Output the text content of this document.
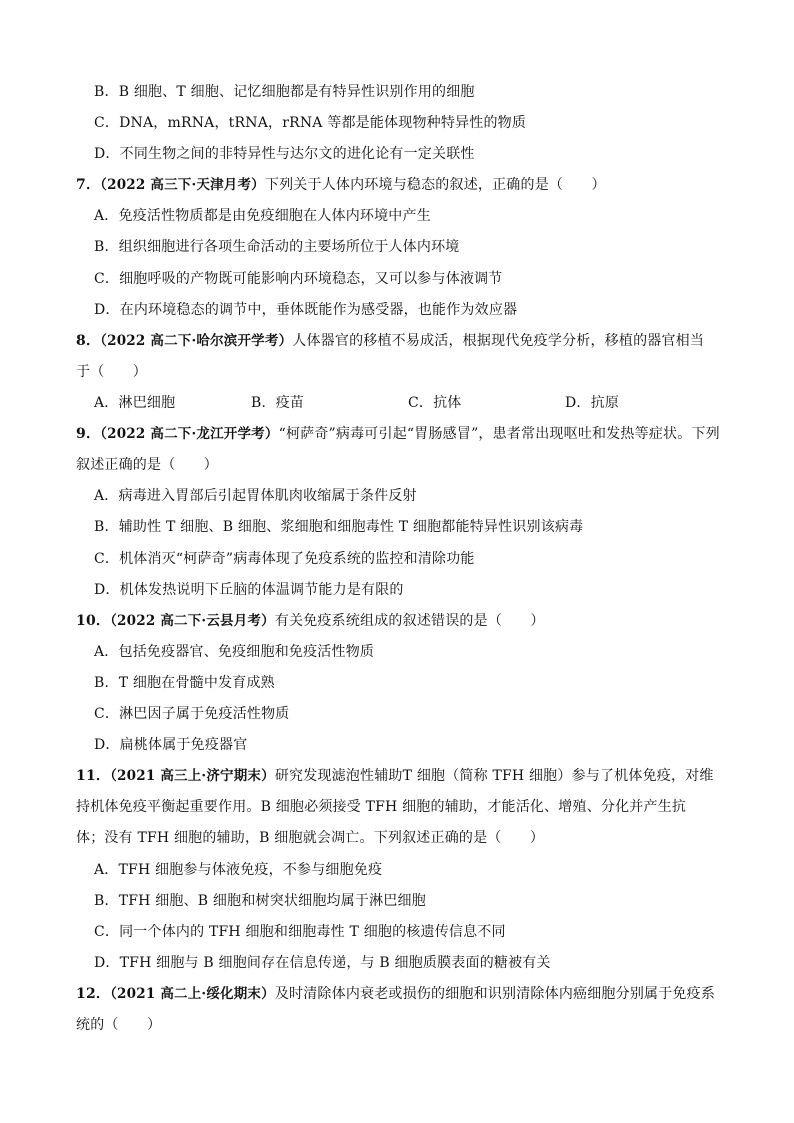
B．B 细胞、T 细胞、记忆细胞都是有特异性识别作用的细胞
C．DNA，mRNA，tRNA，rRNA 等都是能体现物种特异性的物质
D．不同生物之间的非特异性与达尔文的进化论有一定关联性
7．（2022 高三下·天津月考）下列关于人体内环境与稳态的叙述，正确的是（　　）
A．免疫活性物质都是由免疫细胞在人体内环境中产生
B．组织细胞进行各项生命活动的主要场所位于人体内环境
C．细胞呼吸的产物既可能影响内环境稳态，又可以参与体液调节
D．在内环境稳态的调节中，垂体既能作为感受器，也能作为效应器
8．（2022 高二下·哈尔滨开学考）人体器官的移植不易成活，根据现代免疫学分析，移植的器官相当
于（　　）
A．淋巴细胞	B．疫苗	C．抗体	D．抗原
9．（2022 高二下·龙江开学考）“柯萨奇”病毒可引起“胃肠感冒”，患者常出现呕吐和发热等症状。下列
叙述正确的是（　　）
A．病毒进入胃部后引起胃体肌肉收缩属于条件反射
B．辅助性 T 细胞、B 细胞、浆细胞和细胞毒性 T 细胞都能特异性识别该病毒
C．机体消灭“柯萨奇”病毒体现了免疫系统的监控和清除功能
D．机体发热说明下丘脑的体温调节能力是有限的
10．（2022 高二下·云县月考）有关免疫系统组成的叙述错误的是（　　）
A．包括免疫器官、免疫细胞和免疫活性物质
B．T 细胞在骨髓中发育成熟
C．淋巴因子属于免疫活性物质
D．扁桃体属于免疫器官
11．（2021 高三上·济宁期末）研究发现滤泡性辅助T 细胞（简称 TFH 细胞）参与了机体免疫，对维
持机体免疫平衡起重要作用。B 细胞必须接受 TFH 细胞的辅助，才能活化、增殖、分化并产生抗
体；没有 TFH 细胞的辅助，B 细胞就会凋亡。下列叙述正确的是（　　）
A．TFH 细胞参与体液免疫，不参与细胞免疫
B．TFH 细胞、B 细胞和树突状细胞均属于淋巴细胞
C．同一个体内的 TFH 细胞和细胞毒性 T 细胞的核遗传信息不同
D．TFH 细胞与 B 细胞间存在信息传递，与 B 细胞质膜表面的糖被有关
12．（2021 高二上·绥化期末）及时清除体内衰老或损伤的细胞和识别清除体内癌细胞分别属于免疫系
统的（　　）
